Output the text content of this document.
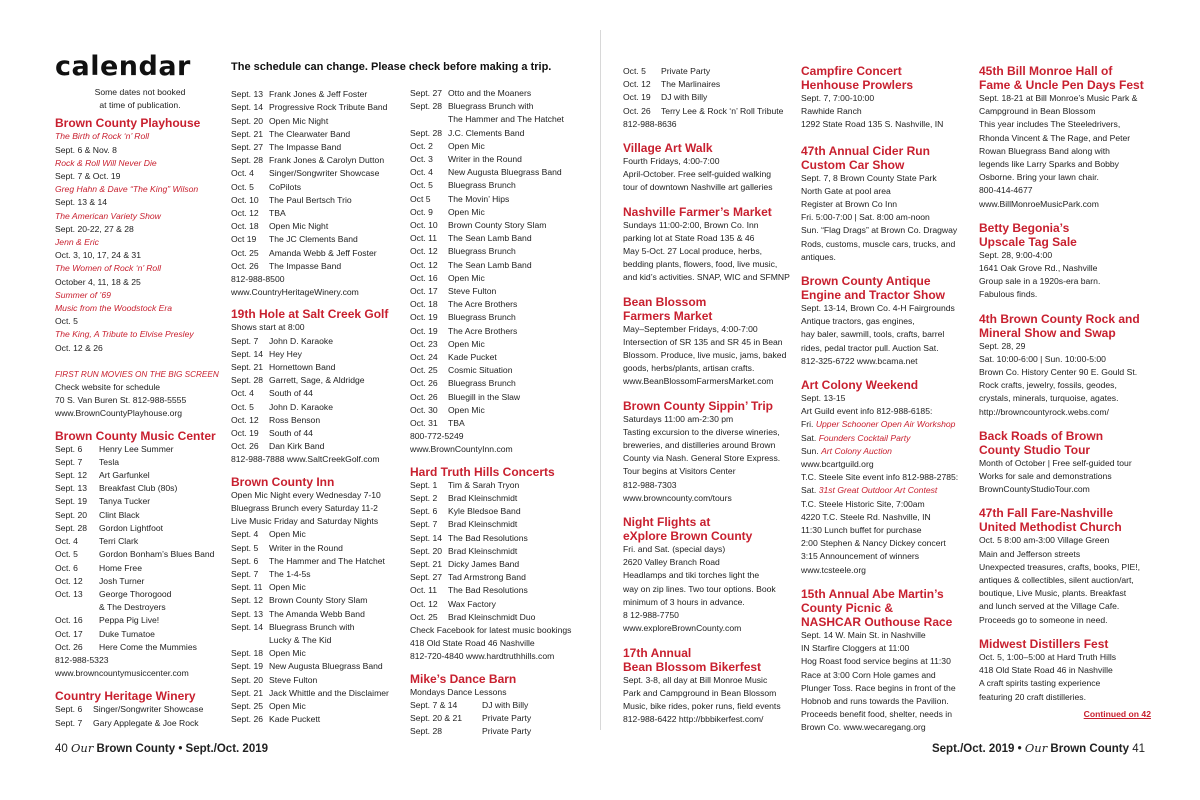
calendar
Some dates not booked
at time of publication.
Brown County Playhouse
The Birth of Rock ‘n’ Roll
Sept. 6 & Nov. 8
Rock & Roll Will Never Die
Sept. 7 & Oct. 19
Greg Hahn & Dave “The King” Wilson
Sept. 13 & 14
The American Variety Show
Sept. 20-22, 27 & 28
Jenn & Eric
Oct. 3, 10, 17, 24 & 31
The Women of Rock ‘n’ Roll
October 4, 11, 18 & 25
Summer of ’69
Music from the Woodstock Era
Oct. 5
The King, A Tribute to Elvise Presley
Oct. 12 & 26
FIRST RUN MOVIES ON THE BIG SCREEN
Check website for schedule
70 S. Van Buren St. 812-988-5555
www.BrownCountyPlayhouse.org
Brown County Music Center
Sept. 6	Henry Lee Summer
Sept. 7	Tesla
Sept. 12	Art Garfunkel
Sept. 13	Breakfast Club (80s)
Sept. 19	Tanya Tucker
Sept. 20	Clint Black
Sept. 28	Gordon Lightfoot
Oct. 4	Terri Clark
Oct. 5	Gordon Bonham’s Blues Band
Oct. 6	Home Free
Oct. 12	Josh Turner
Oct. 13	George Thorogood
& The Destroyers
Oct. 16	Peppa Pig Live!
Oct. 17	Duke Tumatoe
Oct. 26	Here Come the Mummies
812-988-5323
www.browncountymusiccenter.com
Country Heritage Winery
Sept. 6	Singer/Songwriter Showcase
Sept. 7	Gary Applegate & Joe Rock
The schedule can change. Please check before making a trip.
Sept. 13 Frank Jones & Jeff Foster
Sept. 14 Progressive Rock Tribute Band
Sept. 20 Open Mic Night
Sept. 21 The Clearwater Band
Sept. 27 The Impasse Band
Sept. 28 Frank Jones & Carolyn Dutton
Oct. 4	Singer/Songwriter Showcase
Oct. 5	CoPilots
Oct. 10	The Paul Bertsch Trio
Oct. 12	TBA
Oct. 18	Open Mic Night
Oct 19	The JC Clements Band
Oct. 25	Amanda Webb & Jeff Foster
Oct. 26	The Impasse Band
812-988-8500
www.CountryHeritageWinery.com
19th Hole at Salt Creek Golf
Shows start at 8:00
Sept. 7	John D. Karaoke
Sept. 14 Hey Hey
Sept. 21 Hornettown Band
Sept. 28 Garrett, Sage, & Aldridge
Oct. 4	South of 44
Oct. 5	John D. Karaoke
Oct. 12	Ross Benson
Oct. 19	South of 44
Oct. 26	Dan Kirk Band
812-988-7888 www.SaltCreekGolf.com
Brown County Inn
Open Mic Night every Wednesday 7-10
Bluegrass Brunch every Saturday 11-2
Live Music Friday and Saturday Nights
Sept. 4	Open Mic
Sept. 5	Writer in the Round
Sept. 6	The Hammer and The Hatchet
Sept. 7	The 1-4-5s
Sept. 11 Open Mic
Sept. 12 Brown County Story Slam
Sept. 13 The Amanda Webb Band
Sept. 14 Bluegrass Brunch with
Lucky & The Kid
Sept. 18 Open Mic
Sept. 19 New Augusta Bluegrass Band
Sept. 20 Steve Fulton
Sept. 21 Jack Whittle and the Disclaimer
Sept. 25 Open Mic
Sept. 26 Kade Puckett
Sept. 27 Otto and the Moaners
Sept. 28 Bluegrass Brunch with
The Hammer and The Hatchet
Sept. 28 J.C. Clements Band
Oct. 2	Open Mic
Oct. 3	Writer in the Round
Oct. 4	New Augusta Bluegrass Band
Oct. 5	Bluegrass Brunch
Oct 5	The Movin’ Hips
Oct. 9	Open Mic
Oct. 10	Brown County Story Slam
Oct. 11	The Sean Lamb Band
Oct. 12	Bluegrass Brunch
Oct. 12	The Sean Lamb Band
Oct. 16	Open Mic
Oct. 17	Steve Fulton
Oct. 18	The Acre Brothers
Oct. 19	Bluegrass Brunch
Oct. 19	The Acre Brothers
Oct. 23	Open Mic
Oct. 24	Kade Pucket
Oct. 25	Cosmic Situation
Oct. 26	Bluegrass Brunch
Oct. 26	Bluegill in the Slaw
Oct. 30	Open Mic
Oct. 31	TBA
800-772-5249
www.BrownCountyInn.com
Hard Truth Hills Concerts
Sept. 1	Tim & Sarah Tryon
Sept. 2	Brad Kleinschmidt
Sept. 6	Kyle Bledsoe Band
Sept. 7	Brad Kleinschmidt
Sept. 14 The Bad Resolutions
Sept. 20 Brad Kleinschmidt
Sept. 21 Dicky James Band
Sept. 27 Tad Armstrong Band
Oct. 11	The Bad Resolutions
Oct. 12	Wax Factory
Oct. 25	Brad Kleinschmidt Duo
Check Facebook for latest music bookings
418 Old State Road 46 Nashville
812-720-4840 www.hardtruthhills.com
Mike’s Dance Barn
Mondays Dance Lessons
Sept. 7 & 14	DJ with Billy
Sept. 20 & 21	Private Party
Sept. 28	Private Party
Oct. 5	Private Party
Oct. 12	The Marlinaires
Oct. 19	DJ with Billy
Oct. 26	Terry Lee & Rock ‘n’ Roll Tribute
812-988-8636
Village Art Walk
Fourth Fridays, 4:00-7:00
April-October. Free self-guided walking
tour of downtown Nashville art galleries
Nashville Farmer’s Market
Sundays 11:00-2:00, Brown Co. Inn
parking lot at State Road 135 & 46
May 5-Oct. 27 Local produce, herbs,
bedding plants, flowers, food, live music,
and kid’s activities. SNAP, WIC and SFMNP
Bean Blossom
Farmers Market
May–September Fridays, 4:00-7:00
Intersection of SR 135 and SR 45 in Bean
Blossom. Produce, live music, jams, baked
goods, herbs/plants, artisan crafts.
www.BeanBlossomFarmersMarket.com
Brown County Sippin’ Trip
Saturdays 11:00 am-2:30 pm
Tasting excursion to the diverse wineries,
breweries, and distilleries around Brown
County via Nash. General Store Express.
Tour begins at Visitors Center
812-988-7303
www.browncounty.com/tours
Night Flights at
eXplore Brown County
Fri. and Sat. (special days)
2620 Valley Branch Road
Headlamps and tiki torches light the
way on zip lines. Two tour options. Book
minimum of 3 hours in advance.
8 12-988-7750
www.exploreBrownCounty.com
17th Annual
Bean Blossom Bikerfest
Sept. 3-8, all day at Bill Monroe Music
Park and Campground in Bean Blossom
Music, bike rides, poker runs, field events
812-988-6422 http://bbbikerfest.com/
Campfire Concert
Henhouse Prowlers
Sept. 7, 7:00-10:00
Rawhide Ranch
1292 State Road 135 S. Nashville, IN
47th Annual Cider Run
Custom Car Show
Sept. 7, 8 Brown County State Park
North Gate at pool area
Register at Brown Co Inn
Fri. 5:00-7:00 | Sat. 8:00 am-noon
Sun. “Flag Drags” at Brown Co. Dragway
Rods, customs, muscle cars, trucks, and
antiques.
Brown County Antique
Engine and Tractor Show
Sept. 13-14, Brown Co. 4-H Fairgrounds
Antique tractors, gas engines,
hay baler, sawmill, tools, crafts, barrel
rides, pedal tractor pull. Auction Sat.
812-325-6722 www.bcama.net
Art Colony Weekend
Sept. 13-15
Art Guild event info 812-988-6185:
Fri. Upper Schooner Open Air Workshop
Sat. Founders Cocktail Party
Sun. Art Colony Auction
www.bcartguild.org
T.C. Steele Site event info 812-988-2785:
Sat. 31st Great Outdoor Art Contest
T.C. Steele Historic Site, 7:00am
4220 T.C. Steele Rd. Nashville, IN
11:30 Lunch buffet for purchase
2:00 Stephen & Nancy Dickey concert
3:15 Announcement of winners
www.tcsteele.org
15th Annual Abe Martin’s
County Picnic &
NASHCAR Outhouse Race
Sept. 14 W. Main St. in Nashville
IN Starfire Cloggers at 11:00
Hog Roast food service begins at 11:30
Race at 3:00 Corn Hole games and
Plunger Toss. Race begins in front of the
Hobnob and runs towards the Pavilion.
Proceeds benefit food, shelter, needs in
Brown Co. www.wecaregang.org
45th Bill Monroe Hall of
Fame & Uncle Pen Days Fest
Sept. 18-21 at Bill Monroe’s Music Park &
Campground in Bean Blossom
This year includes The Steeledrivers,
Rhonda Vincent & The Rage, and Peter
Rowan Bluegrass Band along with
legends like Larry Sparks and Bobby
Osborne. Bring your lawn chair.
800-414-4677
www.BillMonroeMusicPark.com
Betty Begonia’s
Upscale Tag Sale
Sept. 28, 9:00-4:00
1641 Oak Grove Rd., Nashville
Group sale in a 1920s-era barn.
Fabulous finds.
4th Brown County Rock and
Mineral Show and Swap
Sept. 28, 29
Sat. 10:00-6:00 | Sun. 10:00-5:00
Brown Co. History Center 90 E. Gould St.
Rock crafts, jewelry, fossils, geodes,
crystals, minerals, turquoise, agates.
http://browncountyrock.webs.com/
Back Roads of Brown
County Studio Tour
Month of October | Free self-guided tour
Works for sale and demonstrations
BrownCountyStudioTour.com
47th Fall Fare-Nashville
United Methodist Church
Oct. 5 8:00 am-3:00 Village Green
Main and Jefferson streets
Unexpected treasures, crafts, books, PIE!,
antiques & collectibles, silent auction/art,
boutique, Live Music, plants. Breakfast
and lunch served at the Village Cafe.
Proceeds go to someone in need.
Midwest Distillers Fest
Oct. 5, 1:00–5:00 at Hard Truth Hills
418 Old State Road 46 in Nashville
A craft spirits tasting experience
featuring 20 craft distilleries.
Continued on 42
40 Our Brown County • Sept./Oct. 2019	Sept./Oct. 2019 • Our Brown County 41
